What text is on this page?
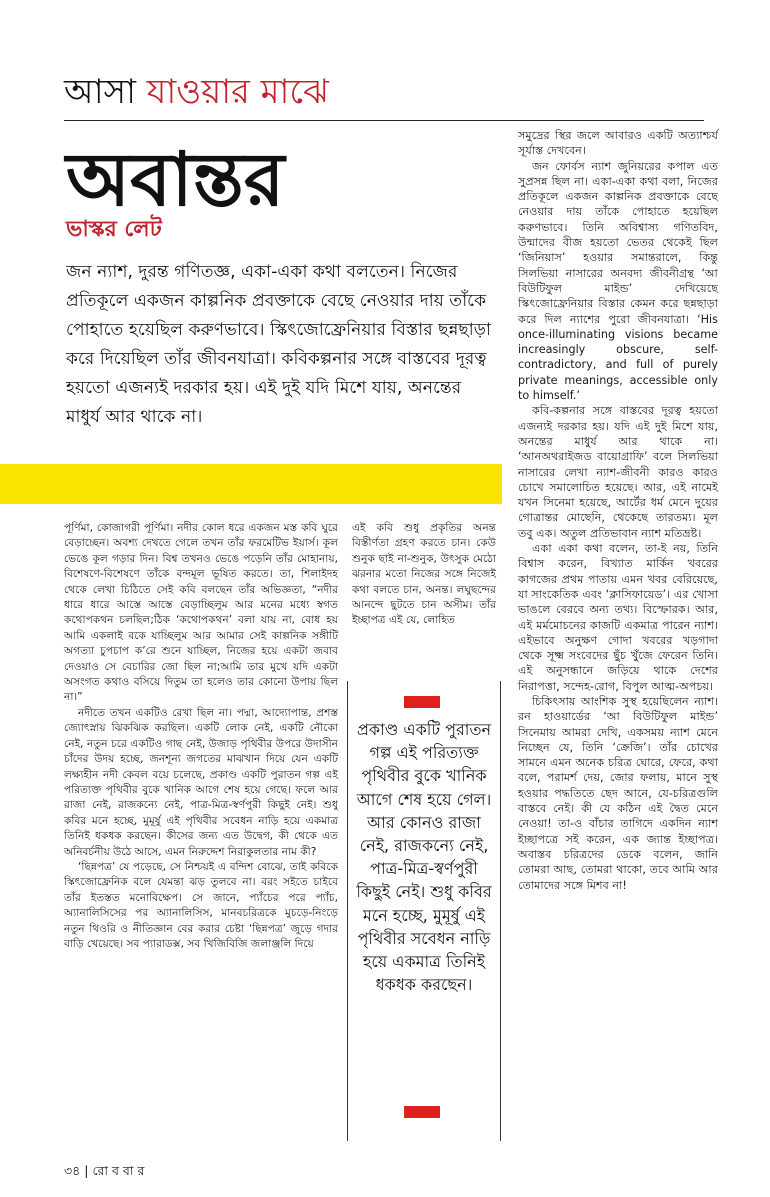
আসা যাওয়ার মাঝে
অবান্তর
ভাস্কর লেট
জন ন্যাশ, দুরন্ত গণিতজ্ঞ, একা-একা কথা বলতেন। নিজের প্রতিকূলে একজন কাল্পনিক প্রবক্তাকে বেছে নেওয়ার দায় তাঁকে পোহাতে হয়েছিল করুণভাবে। স্কিৎজোফ্রেনিয়ার বিস্তার ছন্নছাড়া করে দিয়েছিল তাঁর জীবনযাত্রা। কবিকল্পনার সঙ্গে বাস্তবের দূরত্ব হয়তো এজন্যই দরকার হয়। এই দুই যদি মিশে যায়, অনন্তের মাধুর্য আর থাকে না।

সমুদ্রের স্থির জলে আবারও একটি অত্যাশ্চর্য সূর্যাস্ত দেখবেন।

জন ফোর্বস ন্যাশ জুনিয়রের কপাল এত সুপ্রসন্ন ছিল না। একা-একা কথা বলা, নিজের প্রতিকূলে একজন কাল্পনিক প্রবক্তাকে বেছে নেওয়ার দায় তাঁকে পোহাতে হয়েছিল করুণভাবে। তিনি অবিশ্বাস্য গণিতবিদ, উন্মাদের বীজ হয়তো ভেতর থেকেই ছিল ‘জিনিয়াস’ হওয়ার সমান্তরালে, কিন্তু সিলভিয়া নাসারের অনবদ্য জীবনীগ্রন্থ ‘আ বিউটিফুল মাইন্ড’ দেখিয়েছে স্কিৎজোফ্রেনিয়ার বিস্তার কেমন করে ছন্নছাড়া করে দিল ন্যাশের পুরো জীবনযাত্রা। ‘His once-illuminating visions became increasingly obscure, self-contradictory, and full of purely private meanings, accessible only to himself.’

কবি-কল্পনার সঙ্গে বাস্তবের দূরত্ব হয়তো এজন্যই দরকার হয়। যদি এই দুই মিশে যায়, অনন্তের মাধুর্য আর থাকে না। ‘আনঅথরাইজড বায়োগ্রাফি’ বলে সিলভিয়া নাসারের লেখা ন্যাশ-জীবনী কারও কারও চোখে সমালোচিত হয়েছে। আর, এই নামেই যখন সিনেমা হয়েছে, আর্টের ধর্ম মেনে দুয়ের গোত্রান্তর মোছেনি, থেকেছে তারতম্য। মূল তবু এক। অতুল প্রতিভাবান ন্যাশ মতিভ্রষ্ট।

একা একা কথা বলেন, তা-ই নয়, তিনি বিশ্বাস করেন, বিখ্যাত মার্কিন খবরের কাগজের প্রথম পাতায় এমন খবর বেরিয়েছে, যা সাংকেতিক এবং ‘ক্লাসিফায়েড’। এর খোসা ভাঙলে বেরবে অন্য তথ্য। বিস্ফোরক। আর, এই মর্মমোচনের কাজটি একমাত্র পারেন ন্যাশ। এইভাবে অনুক্ষণ গোদা খবরের খড়গাদা থেকে সূক্ষ্ম সংবেদের ছুঁচ খুঁজে ফেরেন তিনি। এই অনুসন্ধানে জড়িয়ে থাকে দেশের নিরাপত্তা, সন্দেহ-রোগ, বিপুল আত্ম-অপচয়।

চিকিৎসায় আংশিক সুস্থ হয়েছিলেন ন্যাশ। রন হাওয়ার্ডের ‘আ বিউটিফুল মাইন্ড’ সিনেমায় আমরা দেখি, একসময় ন্যাশ মেনে নিচ্ছেন যে, তিনি ‘ক্রেজি’। তাঁর চোখের সামনে এমন অনেক চরিত্র ঘোরে, ফেরে, কথা বলে, পরামর্শ দেয়, জোর ফলায়, মানে সুস্থ হওয়ার পদ্ধতিতে ছেদ আনে, যে-চরিত্রগুলি বাস্তবে নেই। কী যে কঠিন এই দ্বৈত মেনে নেওয়া! তা-ও বাঁচার তাগিদে একদিন ন্যাশ ইচ্ছাপত্রে সই করেন, এক জ্যান্ত ইচ্ছাপত্র। অবাস্তব চরিত্রদের ডেকে বলেন, জানি তোমরা আছ, তোমরা থাকো, তবে আমি আর তোমাদের সঙ্গে মিশব না!

পূর্ণিমা, কোজাগরী পূর্ণিমা। নদীর কোল ধরে একজন মস্ত কবি ঘুরে বেড়াচ্ছেন। অবশ্য দেখতে গেলে তখন তাঁর ফরমেটিভ ইয়ার্স। কূল ভেঙে কূল গড়ার দিন। বিশ্ব তখনও ভেঙে পড়েনি তাঁর মোহানায়, বিশেষণে-বিশেষণে তাঁকে বন্দমূল ভূষিত করতে। তা, শিলাইদহ থেকে লেখা চিঠিতে সেই কবি বলছেন তাঁর অভিজ্ঞতা, “নদীর ধারে ধারে আস্তে আস্তে বেড়াচ্ছিলুম আর মনের মধ্যে স্বগত কথোপকথন চলছিল;ঠিক ‘কথোপকথন’ বলা যায় না, বোধ হয় আমি একলাই বকে যাচ্ছিলুম আর আমার সেই কাল্পনিক সঙ্গীটি অগত্যা চুপচাপ ক’রে শুনে যাচ্ছিল, নিজের হয়ে একটা জবাব দেওয়াও সে বেচারির জো ছিল না;আমি তার মুখে যদি একটা অসংগত কথাও বসিয়ে দিতুম তা হলেও তার কোনো উপায় ছিল না।”

নদীতে তখন একটিও রেখা ছিল না। পদ্মা, আদ্যোপান্ত, প্রশস্ত জ্যোৎস্নায় ঝিকঝিক করছিল। একটি লোক নেই, একটি নৌকো নেই, নতুন চরে একটিও গাছ নেই, উজাড় পৃথিবীর উপরে উদাসীন চাঁদের উদয় হচ্ছে, জনশূন্য জগতের মাঝখান দিয়ে যেন একটি লক্ষ্যহীন নদী কেবল বয়ে চলেছে, প্রকাণ্ড একটি পুরাতন গল্প এই পরিত্যক্ত পৃথিবীর বুকে খানিক আগে শেষ হয়ে গেছে। ফলে আর রাজা নেই, রাজকন্যে নেই, পাত্র-মিত্র-স্বর্ণপুরী কিছুই নেই। শুধু কবির মনে হচ্ছে, মুমূর্ষু এই পৃথিবীর সবেধন নাড়ি হয়ে একমাত্র তিনিই ধকধক করছেন। কীসের জন্য এত উদ্বেগ, কী থেকে এত অনিবর্চনীয় উঠে আসে, এমন নিরুদ্দেশ নিরাকুলতার নাম কী?

‘ছিন্নপত্র’ যে পড়েছে, সে নিশ্চয়ই এ বন্দিশ বোঝে, তাই কবিকে স্কিৎজোফ্রেনিক বলে যেমন্তা ঝড় তুলবে না। বরং সইতে চাইবে তাঁর ইতস্তত মনোবিক্ষেপ। সে জানে, প্যাঁচের পরে প্যাঁচ, অ্যানালিসিসের পর অ্যানালিসিস, মানবচরিত্রকে মুচড়ে-নিংড়ে নতুন থিওরি ও নীতিজ্ঞান বের করার চেষ্টা ‘ছিন্নপত্র’ জুড়ে গদার বাড়ি খেয়েছে। সব প্যারাডক্স, সব খিজিবিজি জলাঞ্জলি দিয়ে

এই কবি শুধু প্রকৃতির অনন্ত বিস্তীর্ণতা গ্রহণ করতে চান। কেউ শুনুক ছাই না-শুনুক, উৎসুক মেঠো ঝরনার মতো নিজের সঙ্গে নিজেই কথা বলতে চান, অনন্ত। লঘুছন্দের আনন্দে ছুটতে চান অসীম। তাঁর ইচ্ছাপত্র এই যে, লোহিত

প্রকাণ্ড একটি পুরাতন গল্প এই পরিত্যক্ত পৃথিবীর বুকে খানিক আগে শেষ হয়ে গেল। আর কোনও রাজা নেই, রাজকন্যে নেই, পাত্র-মিত্র-স্বর্ণপুরী কিছুই নেই। শুধু কবির মনে হচ্ছে, মুমূর্ষু এই পৃথিবীর সবেধন নাড়ি হয়ে একমাত্র তিনিই ধকধক করছেন।
৩৪ | রো ব বা র
